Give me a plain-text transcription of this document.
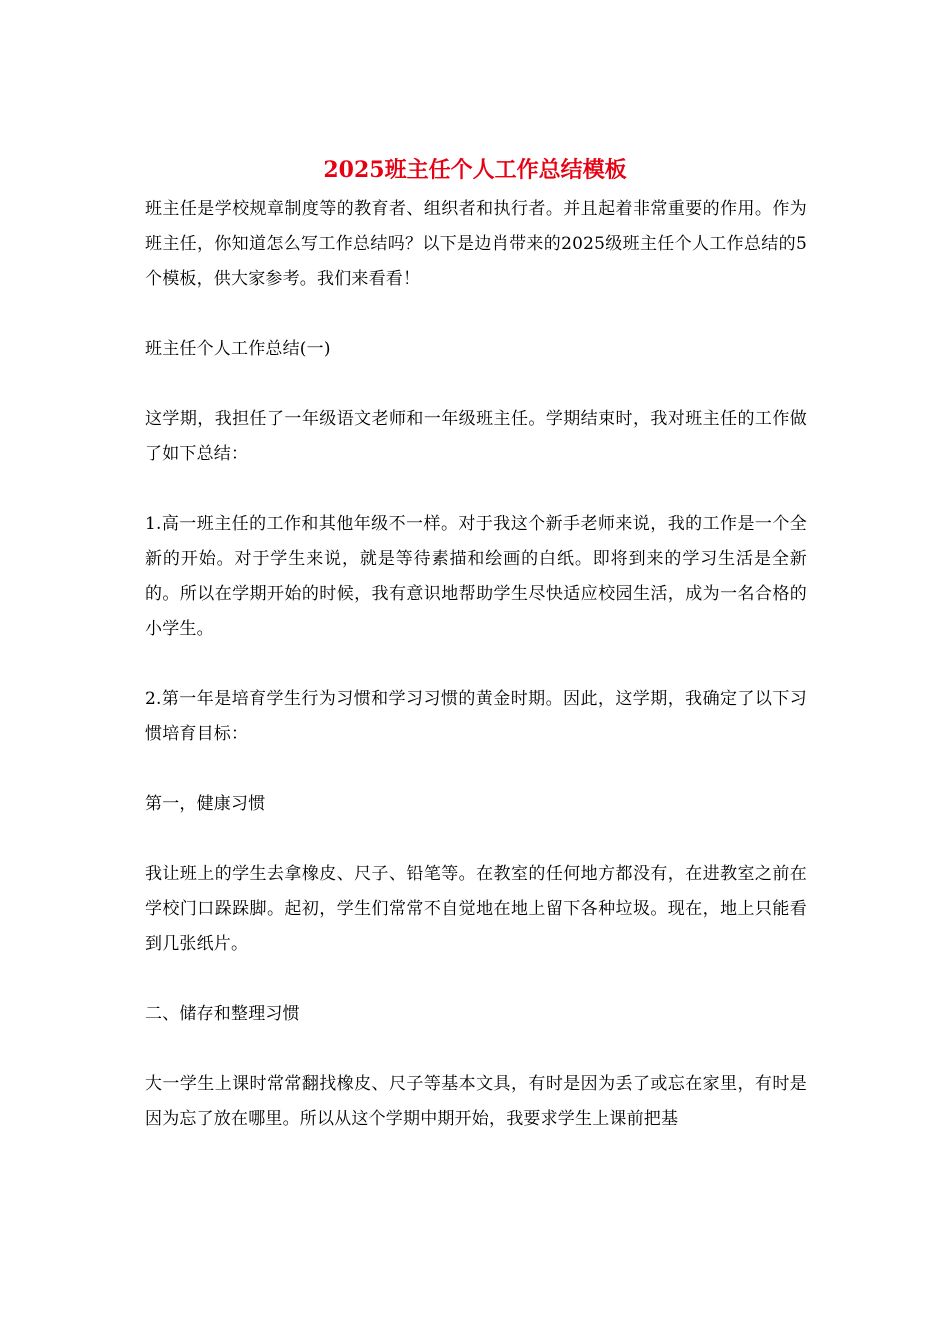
2025班主任个人工作总结模板

班主任是学校规章制度等的教育者、组织者和执行者。并且起着非常重要的作用。作为班主任，你知道怎么写工作总结吗？以下是边肖带来的2025级班主任个人工作总结的5个模板，供大家参考。我们来看看！

班主任个人工作总结(一)

这学期，我担任了一年级语文老师和一年级班主任。学期结束时，我对班主任的工作做了如下总结：

1.高一班主任的工作和其他年级不一样。对于我这个新手老师来说，我的工作是一个全新的开始。对于学生来说，就是等待素描和绘画的白纸。即将到来的学习生活是全新的。所以在学期开始的时候，我有意识地帮助学生尽快适应校园生活，成为一名合格的小学生。

2.第一年是培育学生行为习惯和学习习惯的黄金时期。因此，这学期，我确定了以下习惯培育目标：

第一，健康习惯

我让班上的学生去拿橡皮、尺子、铅笔等。在教室的任何地方都没有，在进教室之前在学校门口跺跺脚。起初，学生们常常不自觉地在地上留下各种垃圾。现在，地上只能看到几张纸片。

二、储存和整理习惯

大一学生上课时常常翻找橡皮、尺子等基本文具，有时是因为丢了或忘在家里，有时是因为忘了放在哪里。所以从这个学期中期开始，我要求学生上课前把基
